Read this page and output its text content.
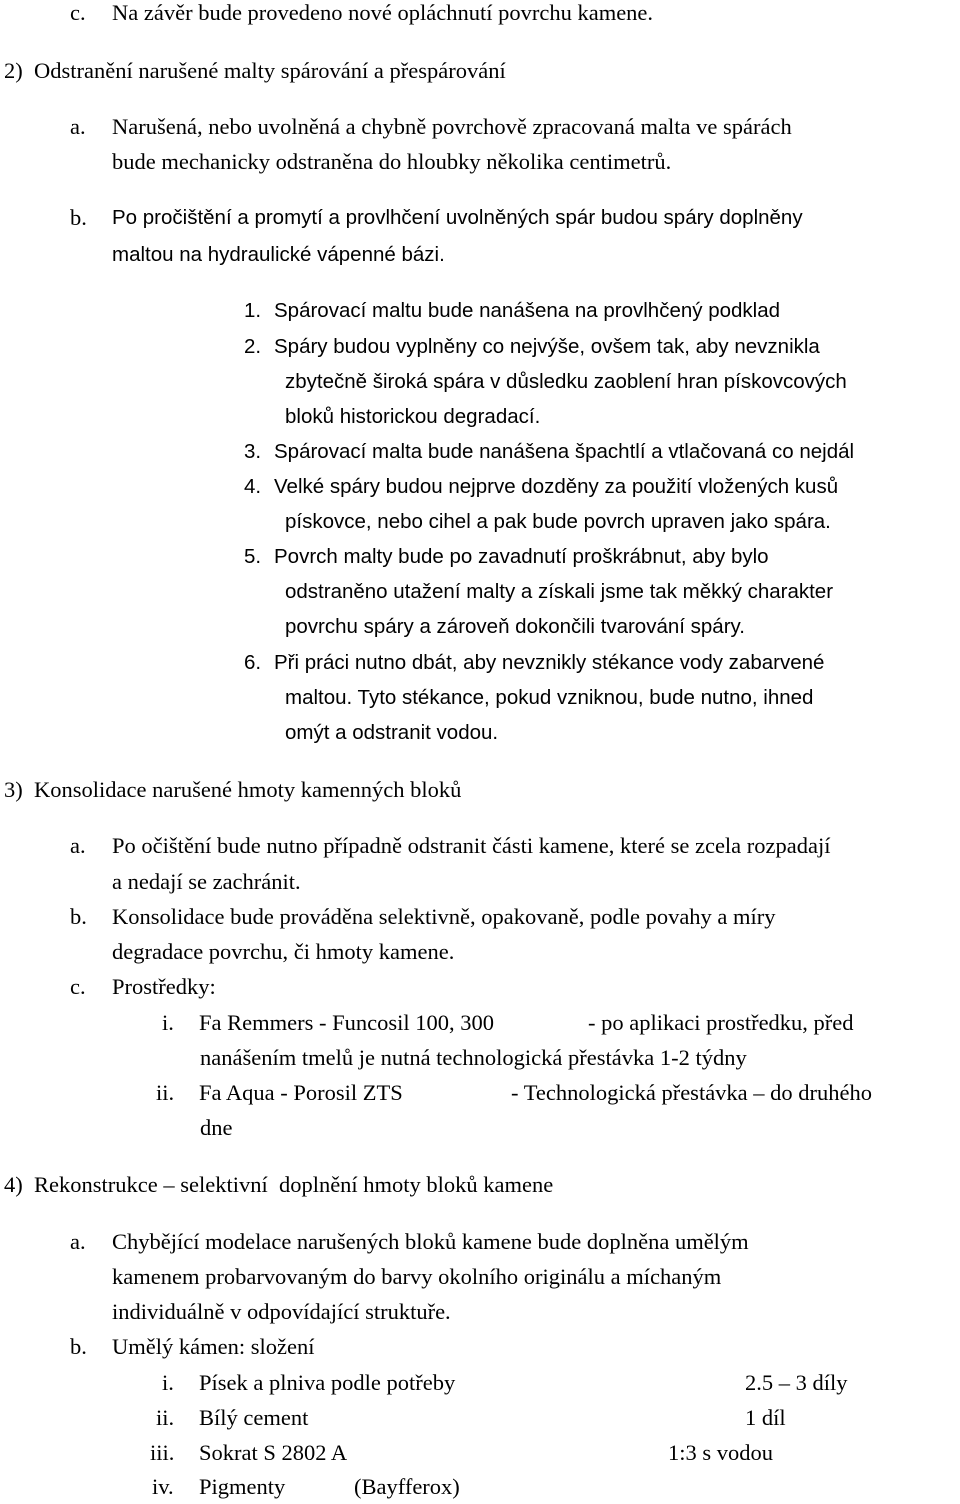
c. Na závěr bude provedeno nové opláchnutí povrchu kamene.
2)  Odstranění narušené malty spárování a přespárování
a. Narušená, nebo uvolněná a chybně povrchově zpracovaná malta ve spárách
bude mechanicky odstraněna do hloubky několika centimetrů.
b. Po pročištění a promytí a provlhčení uvolněných spár budou spáry doplněny
maltou na hydraulické vápenné bázi.
1. Spárovací maltu bude nanášena na provlhčený podklad
2. Spáry budou vyplněny co nejvýše, ovšem tak, aby nevznikla
zbytečně široká spára v důsledku zaoblení hran pískovcových
bloků historickou degradací.
3. Spárovací malta bude nanášena špachtlí a vtlačovaná co nejdál
4. Velké spáry budou nejprve dozděny za použití vložených kusů
pískovce, nebo cihel a pak bude povrch upraven jako spára.
5. Povrch malty bude po zavadnutí proškrábnut, aby bylo
odstraněno utažení malty a získali jsme tak měkký charakter
povrchu spáry a zároveň dokončili tvarování spáry.
6. Při práci nutno dbát, aby nevznikly stékance vody zabarvené
maltou. Tyto stékance, pokud vzniknou, bude nutno, ihned
omýt a odstranit vodou.
3)  Konsolidace narušené hmoty kamenných bloků
a. Po očištění bude nutno případně odstranit části kamene, které se zcela rozpadají
a nedají se zachránit.
b. Konsolidace bude prováděna selektivně, opakovaně, podle povahy a míry
degradace povrchu, či hmoty kamene.
c. Prostředky:
i. Fa Remmers - Funcosil 100, 300	- po aplikaci prostředku, před
nanášením tmelů je nutná technologická přestávka 1-2 týdny
ii. Fa Aqua - Porosil ZTS	- Technologická přestávka – do druhého
dne
4)  Rekonstrukce – selektivní  doplnění hmoty bloků kamene
a. Chybějící modelace narušených bloků kamene bude doplněna umělým
kamenem probarvovaným do barvy okolního originálu a míchaným
individuálně v odpovídající struktuře.
b. Umělý kámen: složení
i. Písek a plniva podle potřeby	2.5 – 3 díly
ii. Bílý cement	1 díl
iii. Sokrat S 2802 A	1:3 s vodou
iv. Pigmenty	(Bayfferox)
